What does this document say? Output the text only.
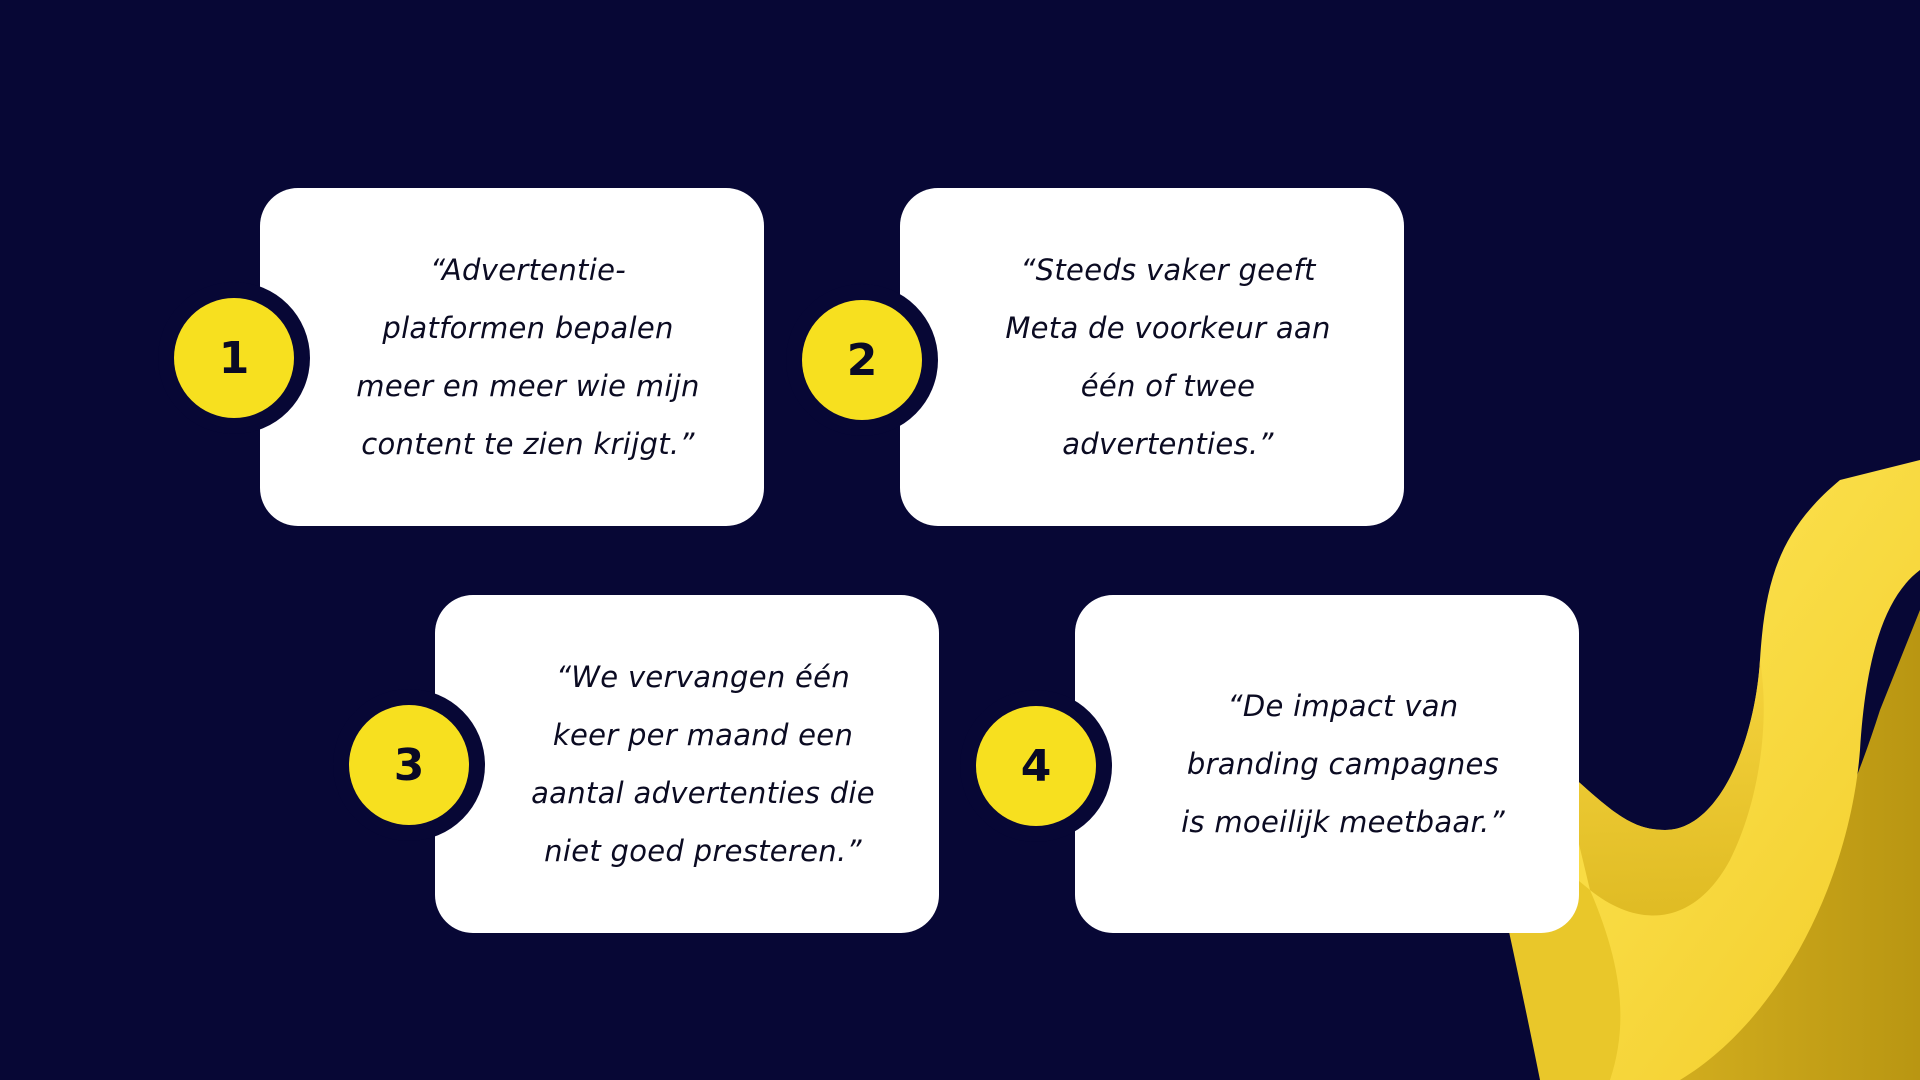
“Advertentie-
platformen bepalen
meer en meer wie mijn
content te zien krijgt.”
1
“Steeds vaker geeft
Meta de voorkeur aan
één of twee
advertenties.”
2
“We vervangen één
keer per maand een
aantal advertenties die
niet goed presteren.”
3
“De impact van
branding campagnes
is moeilijk meetbaar.”
4
